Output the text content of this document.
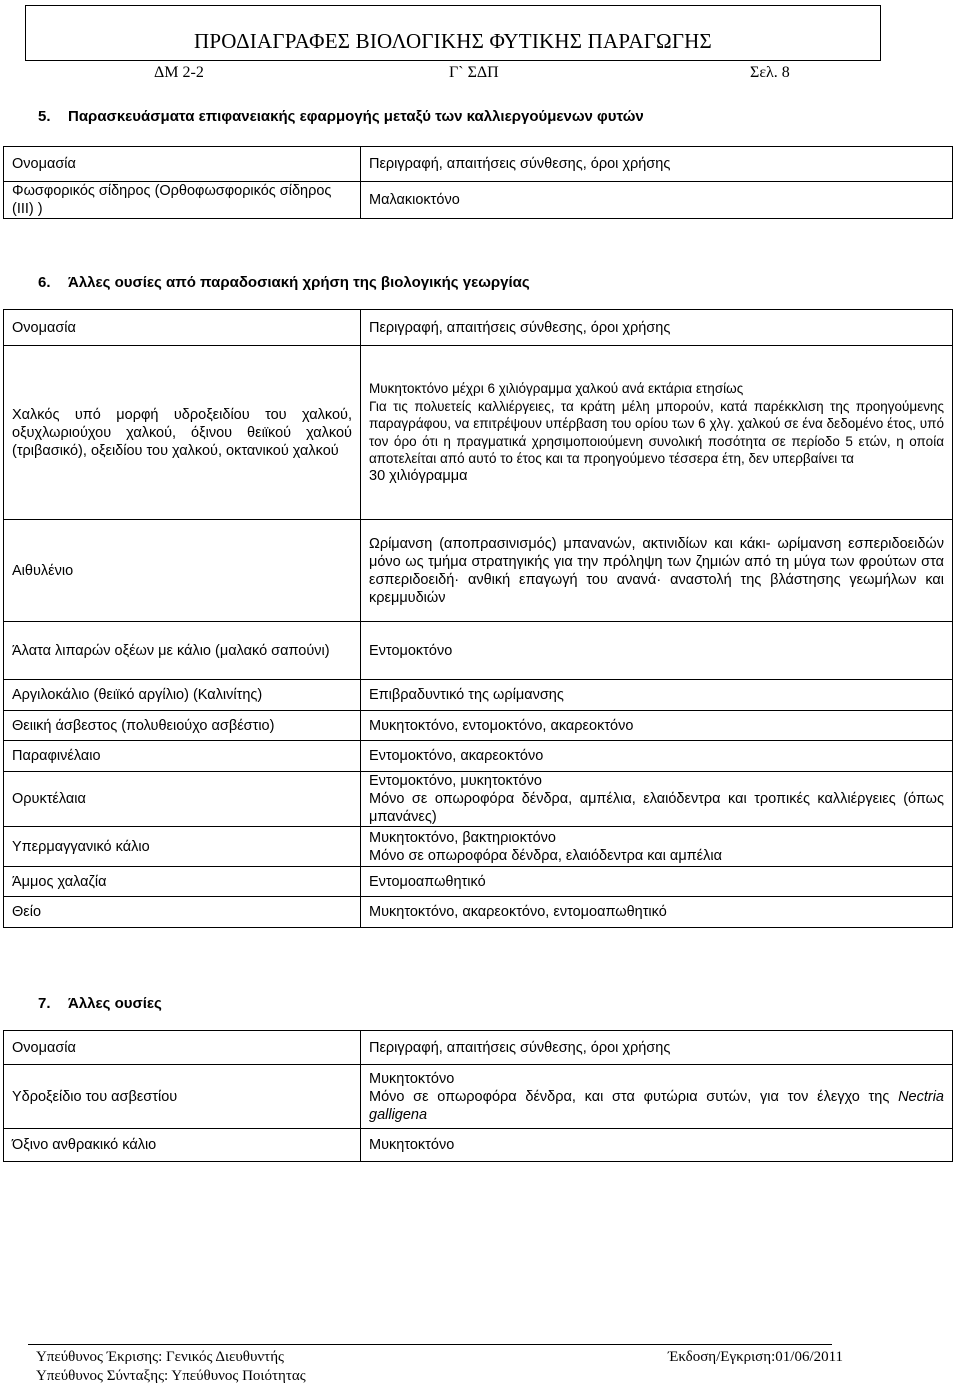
ΠΡΟΔΙΑΓΡΑΦΕΣ ΒΙΟΛΟΓΙΚΗΣ ΦΥΤΙΚΗΣ ΠΑΡΑΓΩΓΗΣ
ΔΜ 2-2	Γ` ΣΔΠ	Σελ. 8
5. Παρασκευάσματα επιφανειακής εφαρμογής μεταξύ των καλλιεργούμενων φυτών
Ονομασία	Περιγραφή, απαιτήσεις σύνθεσης, όροι χρήσης
Φωσφορικός σίδηρος (Ορθοφωσφορικός σίδηρος (ΙΙΙ) )	Μαλακιοκτόνο
6. Άλλες ουσίες από παραδοσιακή χρήση της βιολογικής γεωργίας
Ονομασία	Περιγραφή, απαιτήσεις σύνθεσης, όροι χρήσης
Χαλκός υπό μορφή υδροξειδίου του χαλκού, οξυχλωριούχου χαλκού, όξινου θειϊκού χαλκού (τριβασικό), οξειδίου του χαλκού, οκτανικού χαλκού	Μυκητοκτόνο μέχρι 6 χιλιόγραμμα χαλκού ανά εκτάρια ετησίως
Για τις πολυετείς καλλιέργειες, τα κράτη μέλη μπορούν, κατά παρέκκλιση της προηγούμενης παραγράφου, να επιτρέψουν υπέρβαση του ορίου των 6 χλγ. χαλκού σε ένα δεδομένο έτος, υπό τον όρο ότι η πραγματικά χρησιμοποιούμενη συνολική ποσότητα σε περίοδο 5 ετών, η οποία αποτελείται από αυτό το έτος και τα προηγούμενο τέσσερα έτη, δεν υπερβαίνει τα
30 χιλιόγραμμα

Αιθυλένιο	Ωρίμανση (αποπρασινισμός) μπανανών, ακτινιδίων και κάκι- ωρίμανση εσπεριδοειδών μόνο ως τμήμα στρατηγικής για την πρόληψη των ζημιών από τη μύγα των φρούτων στα εσπεριδοειδή· ανθική επαγωγή του ανανά· αναστολή της βλάστησης γεωμήλων και κρεμμυδιών
Άλατα λιπαρών οξέων με κάλιο (μαλακό σαπούνι)	Εντομοκτόνο
Αργιλοκάλιο (θειϊκό αργίλιο) (Καλινίτης)	Επιβραδυντικό της ωρίμανσης
Θειική άσβεστος (πολυθειούχο ασβέστιο)	Μυκητοκτόνο, εντομοκτόνο, ακαρεοκτόνο
Παραφινέλαιο	Εντομοκτόνο, ακαρεοκτόνο
Ορυκτέλαια	Εντομοκτόνο, μυκητοκτόνο
Μόνο σε οπωροφόρα δένδρα, αμπέλια, ελαιόδεντρα και τροπικές καλλιέργειες (όπως μπανάνες)

Υπερμαγγανικό κάλιο	Μυκητοκτόνο, βακτηριοκτόνο
Μόνο σε οπωροφόρα δένδρα, ελαιόδεντρα και αμπέλια

Άμμος χαλαζία	Εντομοαπωθητικό
Θείο	Μυκητοκτόνο, ακαρεοκτόνο, εντομοαπωθητικό
7. Άλλες ουσίες
Ονομασία	Περιγραφή, απαιτήσεις σύνθεσης, όροι χρήσης
Υδροξείδιο του ασβεστίου	Μυκητοκτόνο
Μόνο σε οπωροφόρα δένδρα, και στα φυτώρια συτών, για τον έλεγχο της Nectria galligena

Όξινο ανθρακικό κάλιο	Μυκητοκτόνο
Υπεύθυνος Έκρισης: Γενικός Διευθυντής
Υπεύθυνος Σύνταξης: Υπεύθυνος Ποιότητας
Έκδοση/Εγκριση:01/06/2011
